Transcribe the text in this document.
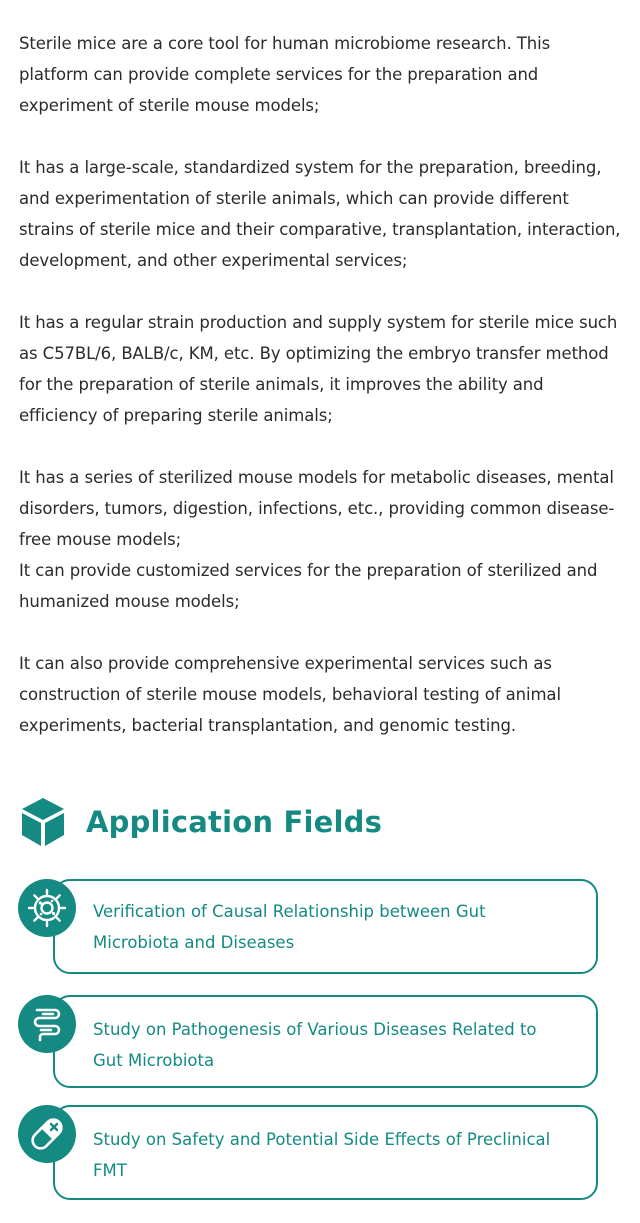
Sterile mice are a core tool for human microbiome research. This platform can provide complete services for the preparation and experiment of sterile mouse models;

It has a large-scale, standardized system for the preparation, breeding, and experimentation of sterile animals, which can provide different strains of sterile mice and their comparative, transplantation, interaction, development, and other experimental services;

It has a regular strain production and supply system for sterile mice such as C57BL/6, BALB/c, KM, etc. By optimizing the embryo transfer method for the preparation of sterile animals, it improves the ability and efficiency of preparing sterile animals;

It has a series of sterilized mouse models for metabolic diseases, mental disorders, tumors, digestion, infections, etc., providing common disease-free mouse models;

It can provide customized services for the preparation of sterilized and humanized mouse models;

It can also provide comprehensive experimental services such as construction of sterile mouse models, behavioral testing of animal experiments, bacterial transplantation, and genomic testing.

Application Fields
Verification of Causal Relationship between Gut Microbiota and Diseases
Study on Pathogenesis of Various Diseases Related to Gut Microbiota
Study on Safety and Potential Side Effects of Preclinical FMT
